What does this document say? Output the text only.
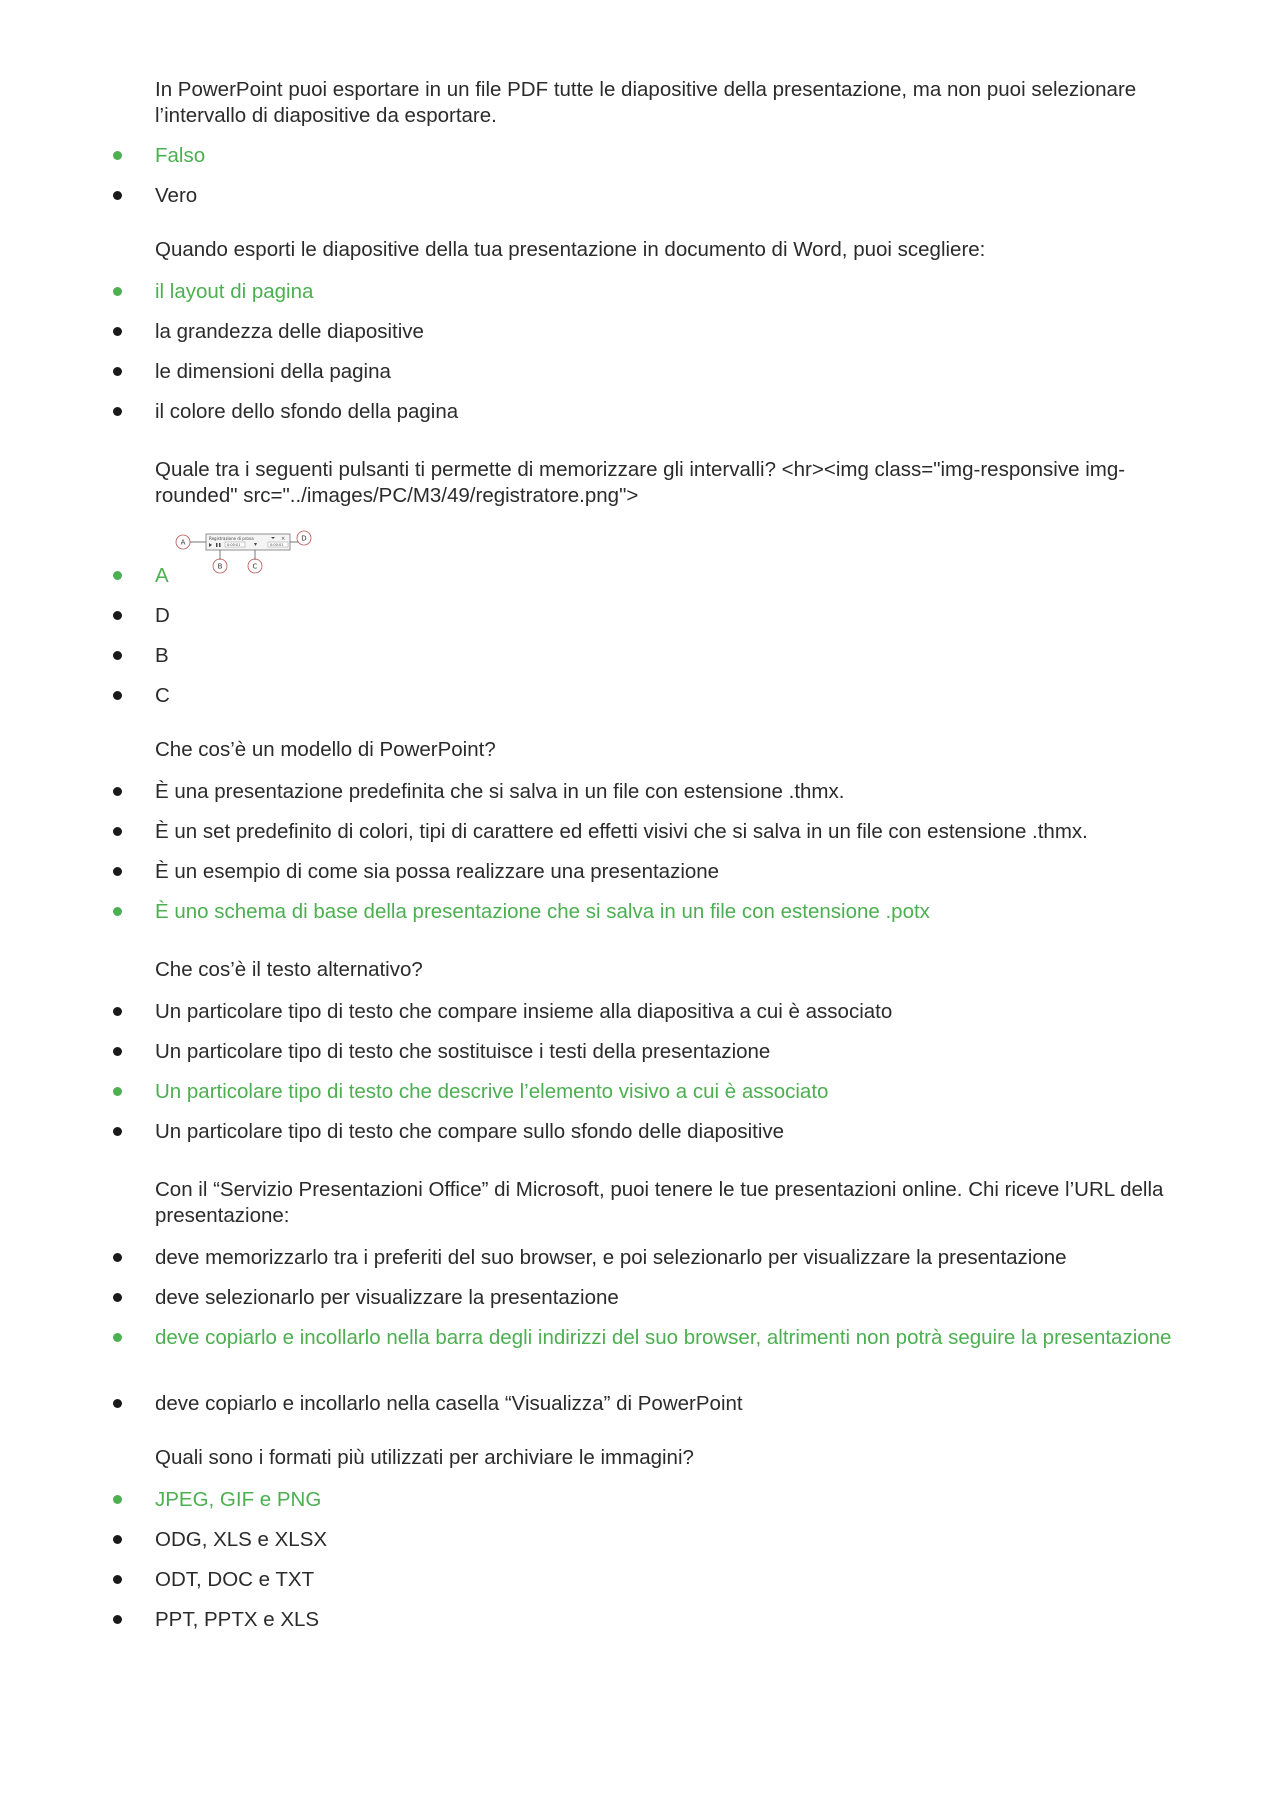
In PowerPoint puoi esportare in un file PDF tutte le diapositive della presentazione, ma non puoi selezionare l’intervallo di diapositive da esportare.

Falso
Vero

Quando esporti le diapositive della tua presentazione in documento di Word, puoi scegliere:

il layout di pagina
la grandezza delle diapositive
le dimensioni della pagina
il colore dello sfondo della pagina

Quale tra i seguenti pulsanti ti permette di memorizzare gli intervalli? <hr><img class="img-responsive img-rounded" src="../images/PC/M3/49/registratore.png">

A	Registrazione di prova	×
0:00:01	0:00:01
D
B	C
A
D
B
C

Che cos’è un modello di PowerPoint?

È una presentazione predefinita che si salva in un file con estensione .thmx.
È un set predefinito di colori, tipi di carattere ed effetti visivi che si salva in un file con estensione .thmx.
È un esempio di come sia possa realizzare una presentazione
È uno schema di base della presentazione che si salva in un file con estensione .potx

Che cos’è il testo alternativo?

Un particolare tipo di testo che compare insieme alla diapositiva a cui è associato
Un particolare tipo di testo che sostituisce i testi della presentazione
Un particolare tipo di testo che descrive l’elemento visivo a cui è associato
Un particolare tipo di testo che compare sullo sfondo delle diapositive

Con il “Servizio Presentazioni Office” di Microsoft, puoi tenere le tue presentazioni online. Chi riceve l’URL della presentazione:

deve memorizzarlo tra i preferiti del suo browser, e poi selezionarlo per visualizzare la presentazione
deve selezionarlo per visualizzare la presentazione
deve copiarlo e incollarlo nella barra degli indirizzi del suo browser, altrimenti non potrà seguire la presentazione
deve copiarlo e incollarlo nella casella “Visualizza” di PowerPoint

Quali sono i formati più utilizzati per archiviare le immagini?

JPEG, GIF e PNG
ODG, XLS e XLSX
ODT, DOC e TXT
PPT, PPTX e XLS
